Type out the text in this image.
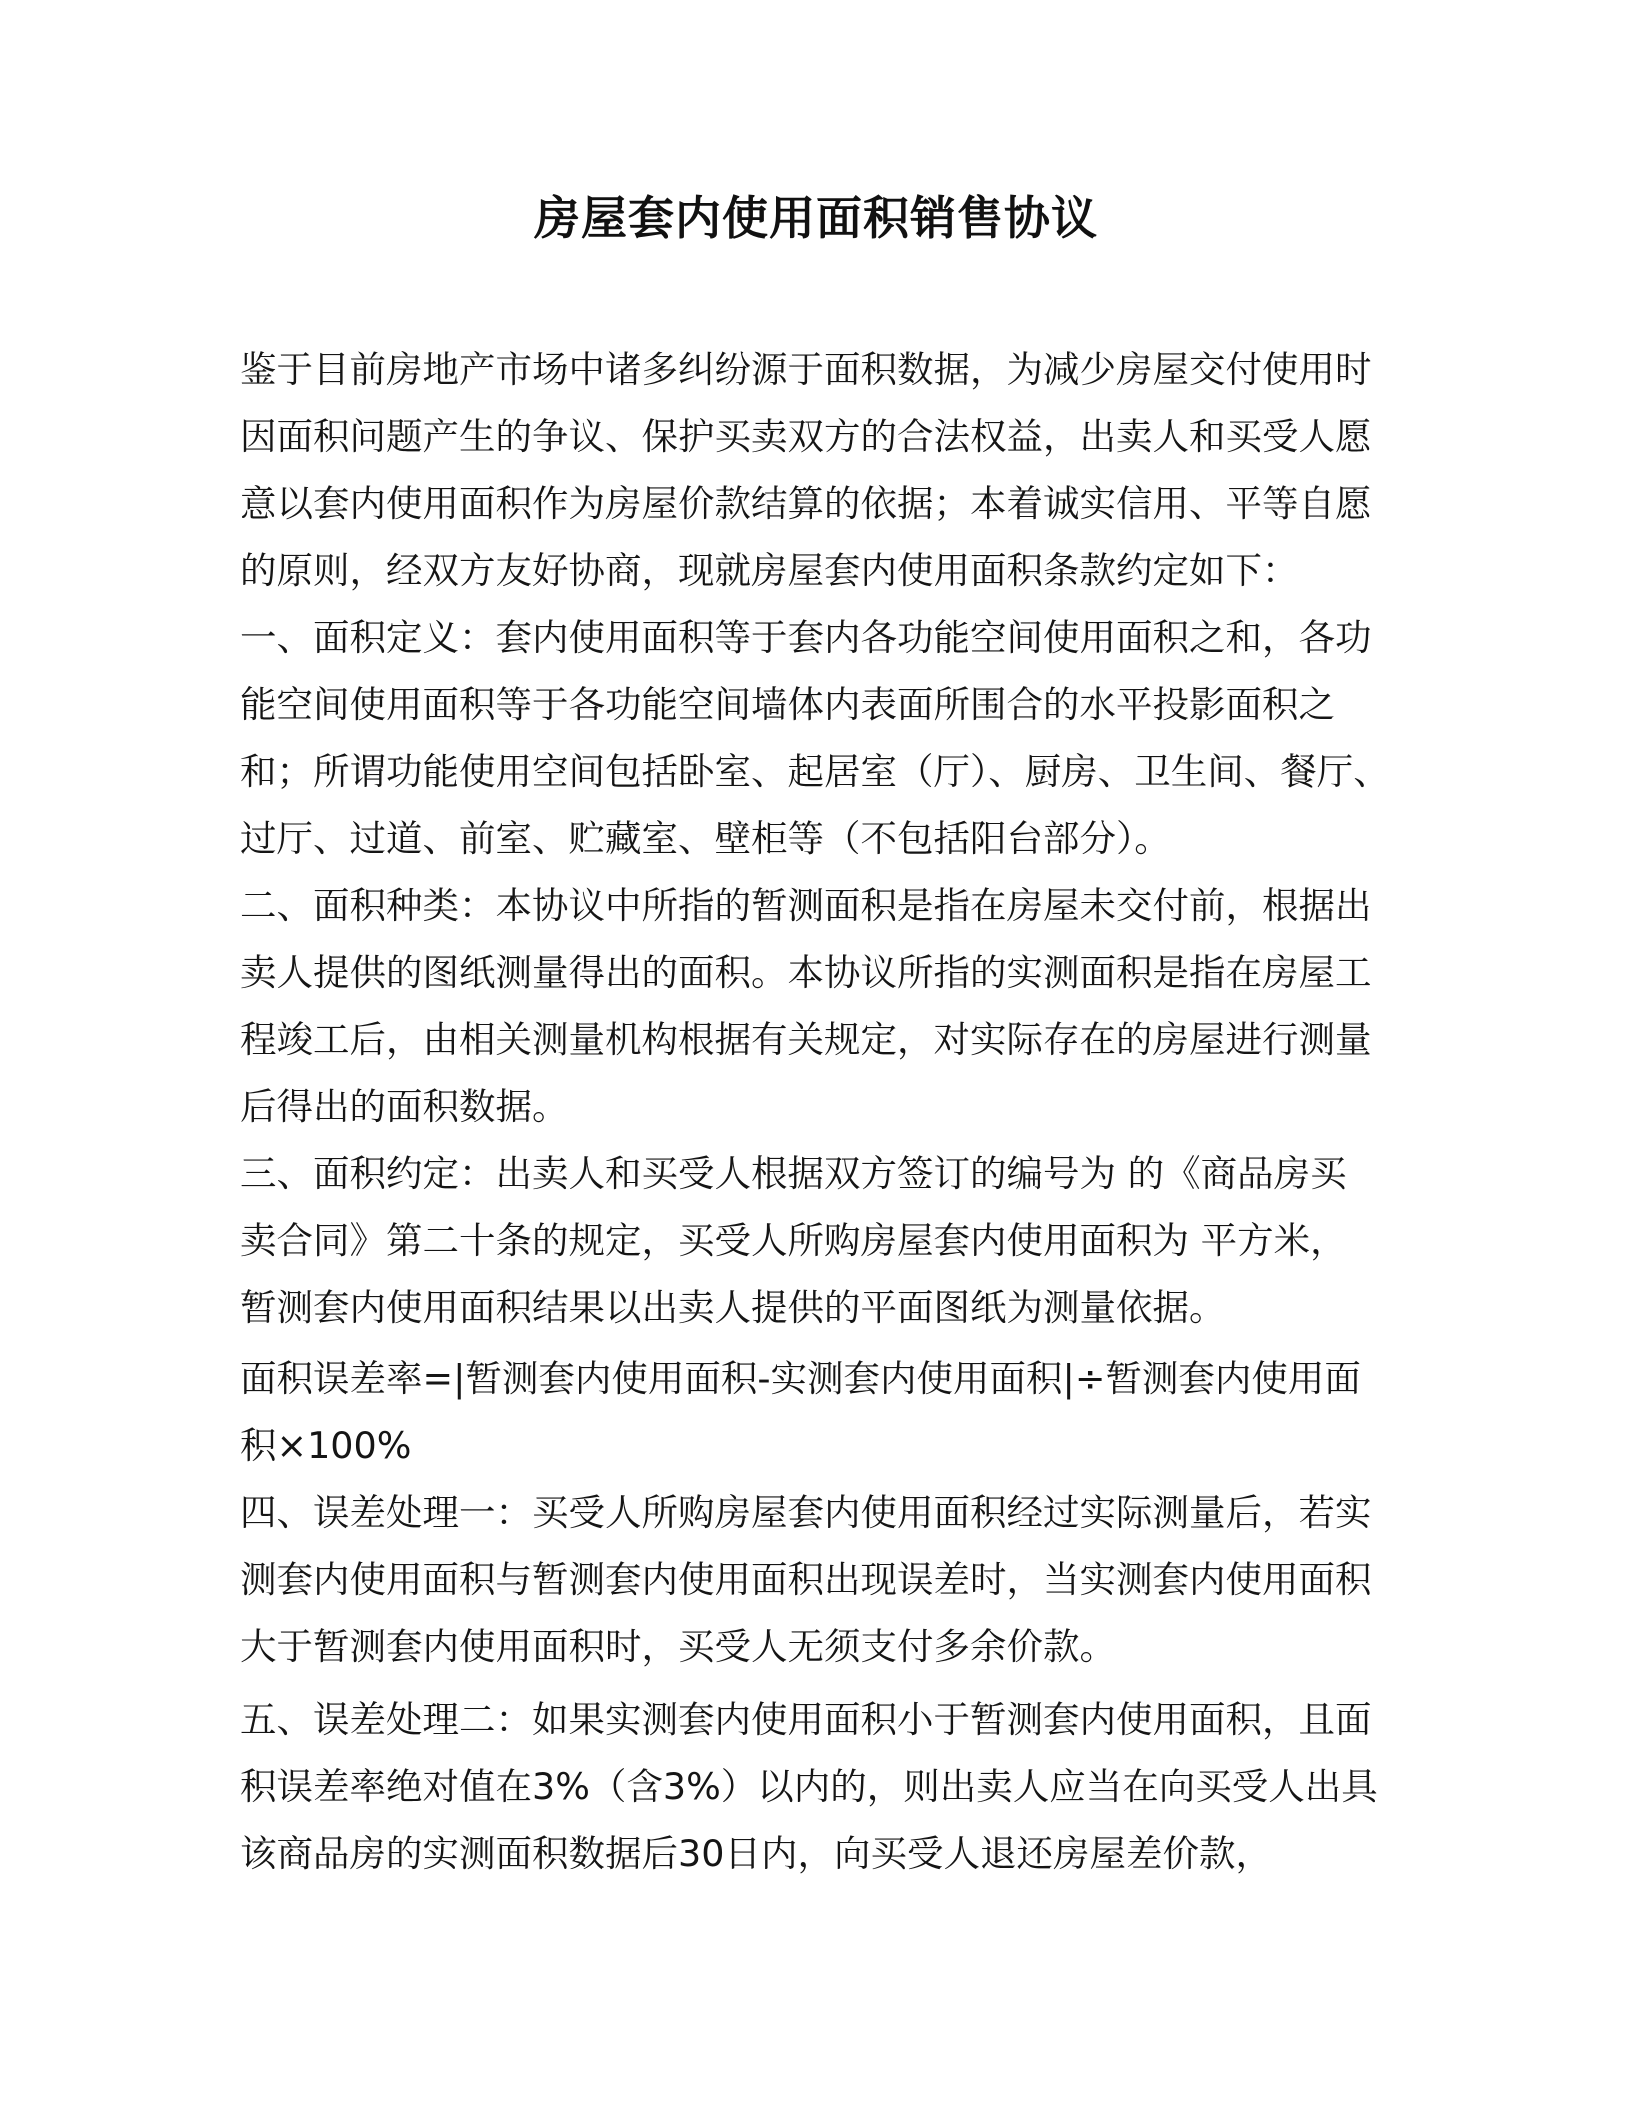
房屋套内使用面积销售协议
鉴于目前房地产市场中诸多纠纷源于面积数据，为减少房屋交付使用时
因面积问题产生的争议、保护买卖双方的合法权益，出卖人和买受人愿
意以套内使用面积作为房屋价款结算的依据；本着诚实信用、平等自愿
的原则，经双方友好协商，现就房屋套内使用面积条款约定如下：
一、面积定义：套内使用面积等于套内各功能空间使用面积之和，各功
能空间使用面积等于各功能空间墙体内表面所围合的水平投影面积之
和；所谓功能使用空间包括卧室、起居室（厅）、厨房、卫生间、餐厅、
过厅、过道、前室、贮藏室、壁柜等（不包括阳台部分）。
二、面积种类：本协议中所指的暂测面积是指在房屋未交付前，根据出
卖人提供的图纸测量得出的面积。本协议所指的实测面积是指在房屋工
程竣工后，由相关测量机构根据有关规定，对实际存在的房屋进行测量
后得出的面积数据。
三、面积约定：出卖人和买受人根据双方签订的编号为 的《商品房买
卖合同》第二十条的规定，买受人所购房屋套内使用面积为 平方米，
暂测套内使用面积结果以出卖人提供的平面图纸为测量依据。
面积误差率=|暂测套内使用面积-实测套内使用面积|÷暂测套内使用面
积×100%
四、误差处理一：买受人所购房屋套内使用面积经过实际测量后，若实
测套内使用面积与暂测套内使用面积出现误差时，当实测套内使用面积
大于暂测套内使用面积时，买受人无须支付多余价款。
五、误差处理二：如果实测套内使用面积小于暂测套内使用面积，且面
积误差率绝对值在3%（含3%）以内的，则出卖人应当在向买受人出具
该商品房的实测面积数据后30日内，向买受人退还房屋差价款，
